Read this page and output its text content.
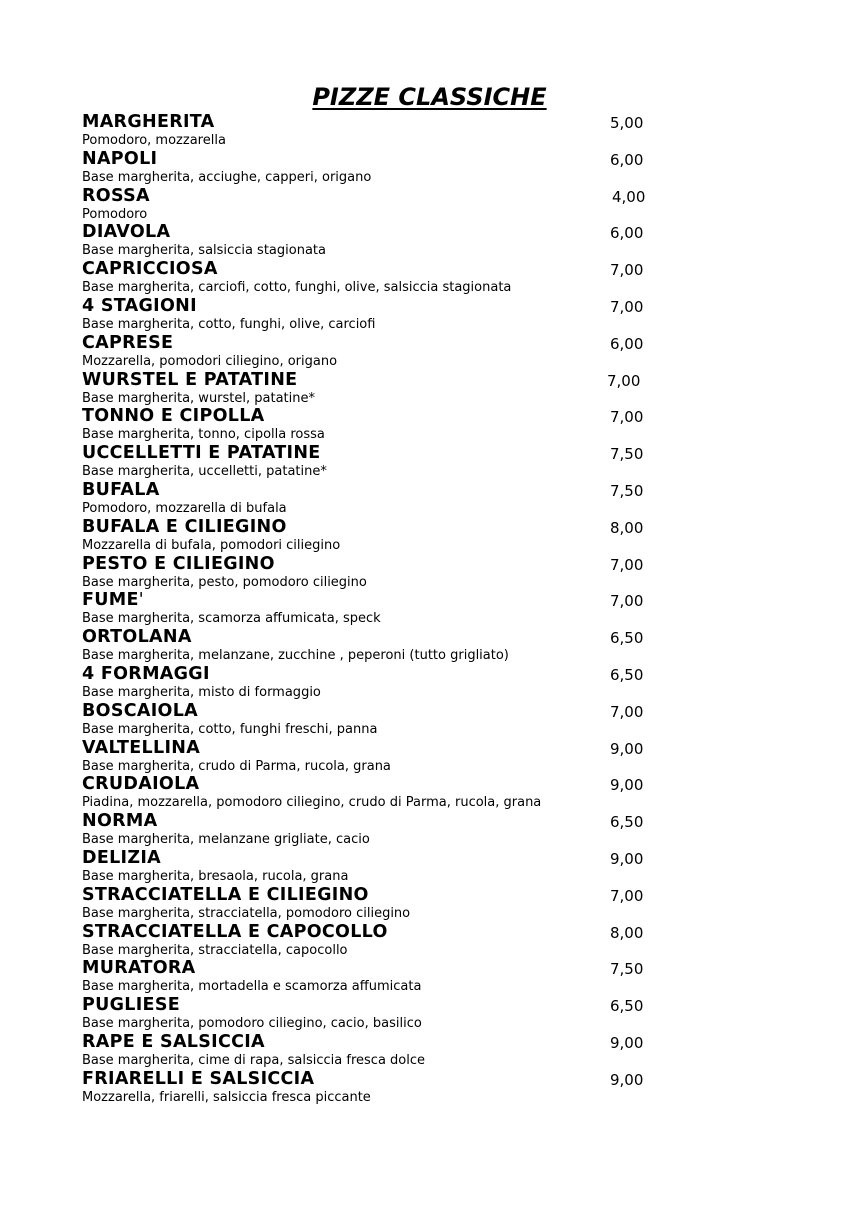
PIZZE CLASSICHE
MARGHERITA
Pomodoro, mozzarella
5,00
NAPOLI
Base margherita, acciughe, capperi, origano
6,00
ROSSA
Pomodoro
4,00
DIAVOLA
Base margherita, salsiccia stagionata
6,00
CAPRICCIOSA
Base margherita, carciofi, cotto, funghi, olive, salsiccia stagionata
7,00
4 STAGIONI
Base margherita, cotto, funghi, olive, carciofi
7,00
CAPRESE
Mozzarella, pomodori ciliegino, origano
6,00
WURSTEL E PATATINE
Base margherita, wurstel, patatine*
7,00
TONNO E CIPOLLA
Base margherita, tonno, cipolla rossa
7,00
UCCELLETTI E PATATINE
Base margherita, uccelletti, patatine*
7,50
BUFALA
Pomodoro, mozzarella di bufala
7,50
BUFALA E CILIEGINO
Mozzarella di bufala, pomodori ciliegino
8,00
PESTO E CILIEGINO
Base margherita, pesto, pomodoro ciliegino
7,00
FUME'
Base margherita, scamorza affumicata, speck
7,00
ORTOLANA
Base margherita, melanzane, zucchine , peperoni (tutto grigliato)
6,50
4 FORMAGGI
Base margherita, misto di formaggio
6,50
BOSCAIOLA
Base margherita, cotto, funghi freschi, panna
7,00
VALTELLINA
Base margherita, crudo di Parma, rucola, grana
9,00
CRUDAIOLA
Piadina, mozzarella, pomodoro ciliegino, crudo di Parma, rucola, grana
9,00
NORMA
Base margherita, melanzane grigliate, cacio
6,50
DELIZIA
Base margherita, bresaola, rucola, grana
9,00
STRACCIATELLA E CILIEGINO
Base margherita, stracciatella, pomodoro ciliegino
7,00
STRACCIATELLA E CAPOCOLLO
Base margherita, stracciatella, capocollo
8,00
MURATORA
Base margherita, mortadella e scamorza affumicata
7,50
PUGLIESE
Base margherita, pomodoro ciliegino, cacio, basilico
6,50
RAPE E SALSICCIA
Base margherita, cime di rapa, salsiccia fresca dolce
9,00
FRIARELLI E SALSICCIA
Mozzarella, friarelli, salsiccia fresca piccante
9,00
